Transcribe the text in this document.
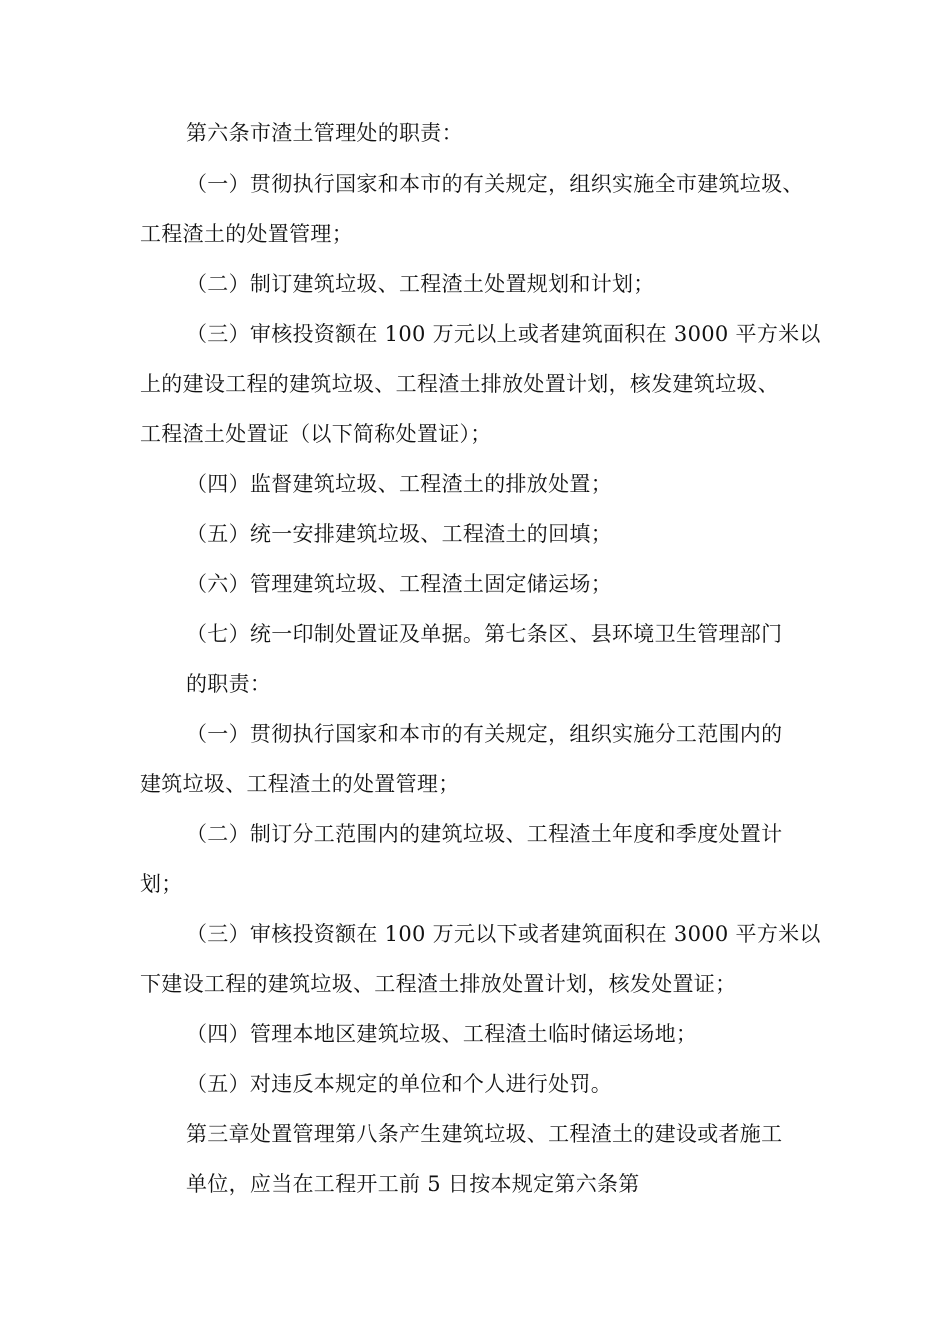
第六条市渣土管理处的职责：
（一）贯彻执行国家和本市的有关规定，组织实施全市建筑垃圾、
工程渣土的处置管理；
（二）制订建筑垃圾、工程渣土处置规划和计划；
（三）审核投资额在 100 万元以上或者建筑面积在 3000 平方米以
上的建设工程的建筑垃圾、工程渣土排放处置计划，核发建筑垃圾、
工程渣土处置证（以下简称处置证）；
（四）监督建筑垃圾、工程渣土的排放处置；
（五）统一安排建筑垃圾、工程渣土的回填；
（六）管理建筑垃圾、工程渣土固定储运场；
（七）统一印制处置证及单据。第七条区、县环境卫生管理部门
的职责：
（一）贯彻执行国家和本市的有关规定，组织实施分工范围内的
建筑垃圾、工程渣土的处置管理；
（二）制订分工范围内的建筑垃圾、工程渣土年度和季度处置计
划；
（三）审核投资额在 100 万元以下或者建筑面积在 3000 平方米以
下建设工程的建筑垃圾、工程渣土排放处置计划，核发处置证；
（四）管理本地区建筑垃圾、工程渣土临时储运场地；
（五）对违反本规定的单位和个人进行处罚。
第三章处置管理第八条产生建筑垃圾、工程渣土的建设或者施工
单位，应当在工程开工前 5 日按本规定第六条第
